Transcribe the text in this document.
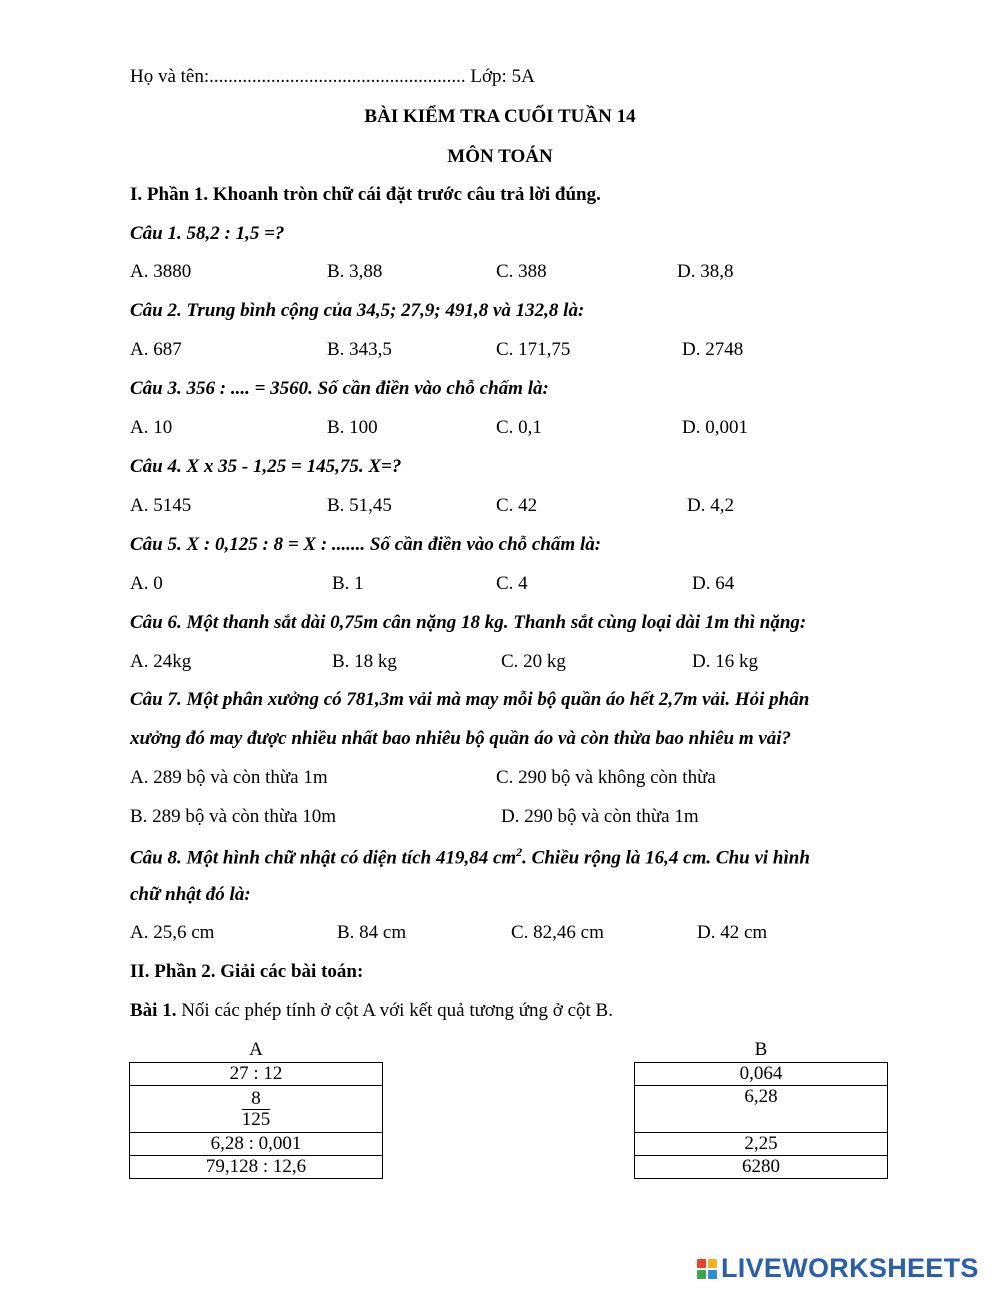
Họ và tên:...................................................... Lớp: 5A
BÀI KIỂM TRA CUỐI TUẦN 14
MÔN TOÁN
I. Phần 1. Khoanh tròn chữ cái đặt trước câu trả lời đúng.
Câu 1. 58,2 : 1,5 =?
A. 3880	B. 3,88	C. 388	D. 38,8
Câu 2. Trung bình cộng của 34,5; 27,9; 491,8 và 132,8 là:
A. 687	B. 343,5	C. 171,75	D. 2748
Câu 3. 356 : .... = 3560. Số cần điền vào chỗ chấm là:
A. 10	B. 100	C. 0,1	D. 0,001
Câu 4. X x 35 - 1,25 = 145,75. X=?
A. 5145	B. 51,45	C. 42	D. 4,2
Câu 5. X : 0,125 : 8 = X : ....... Số cần điền vào chỗ chấm là:
A. 0	B. 1	C. 4	D. 64
Câu 6. Một thanh sắt dài 0,75m cân nặng 18 kg. Thanh sắt cùng loại dài 1m thì nặng:
A. 24kg	B. 18 kg	C. 20 kg	D. 16 kg
Câu 7. Một phân xưởng có 781,3m vải mà may mỗi bộ quần áo hết 2,7m vải. Hỏi phân
xưởng đó may được nhiều nhất bao nhiêu bộ quần áo và còn thừa bao nhiêu m vải?
A. 289 bộ và còn thừa 1m	C. 290 bộ và không còn thừa
B. 289 bộ và còn thừa 10m	D. 290 bộ và còn thừa 1m
Câu 8. Một hình chữ nhật có diện tích 419,84 $cm^2$. Chiều rộng là 16,4 cm. Chu vi hình
chữ nhật đó là:
A. 25,6 cm	B. 84 cm	C. 82,46 cm	D. 42 cm
II. Phần 2. Giải các bài toán:
Bài 1. Nối các phép tính ở cột A với kết quả tương ứng ở cột B.
A
27 : 12

$\frac{8}{125}$

6,28 : 0,001
79,128 : 12,6
B
0,064
6,28
2,25
6280
LIVEWORKSHEETS
